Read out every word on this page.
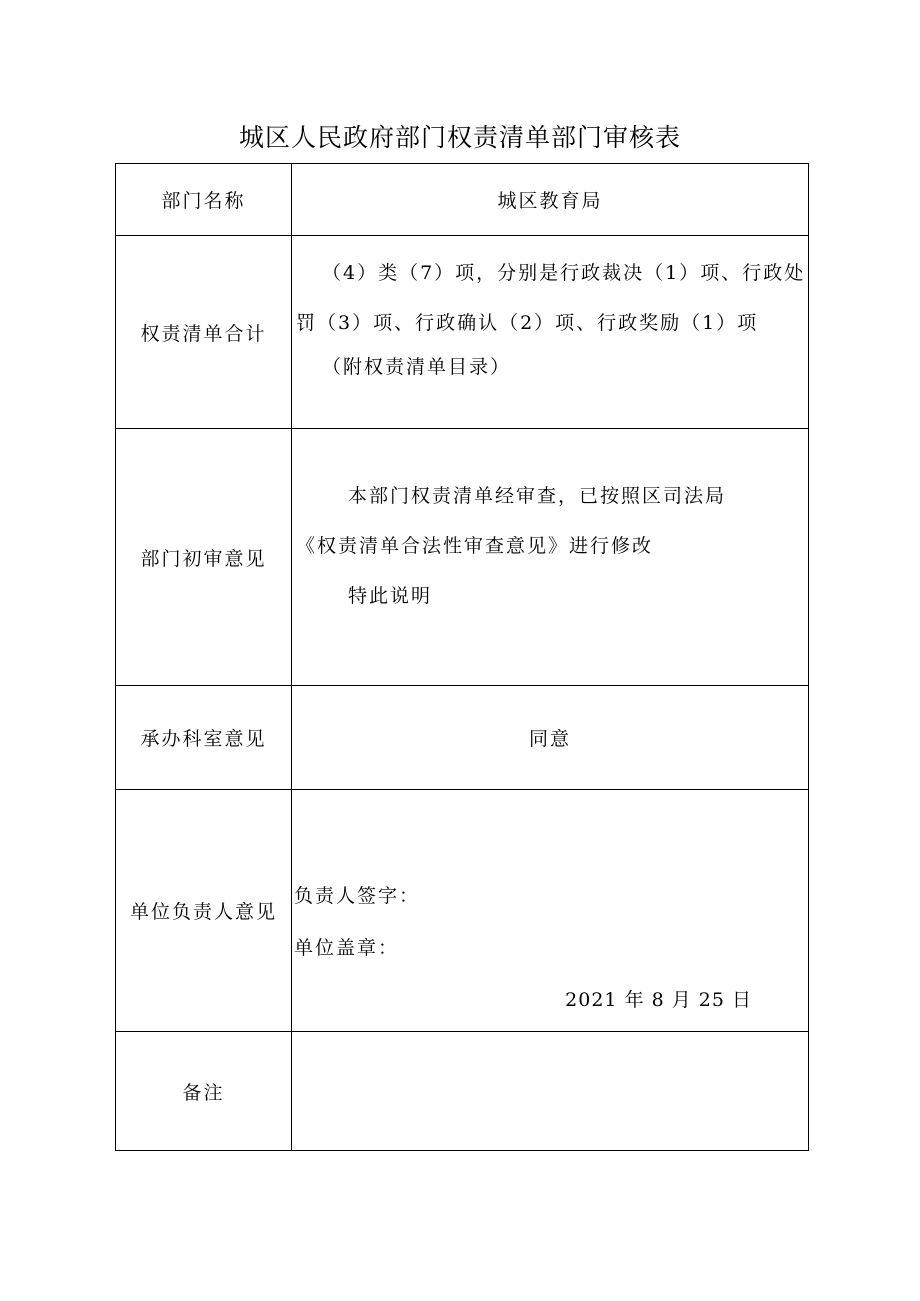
城区人民政府部门权责清单部门审核表
部门名称	城区教育局
权责清单合计	（4）类（7）项，分别是行政裁决（1）项、行政处罚（3）项、行政确认（2）项、行政奖励（1）项
（附权责清单目录）

部门初审意见	本部门权责清单经审查，已按照区司法局
《权责清单合法性审查意见》进行修改
特此说明

承办科室意见	同意
单位负责人意见	负责人签字：
单位盖章：
2021 年 8 月 25 日

备注	
